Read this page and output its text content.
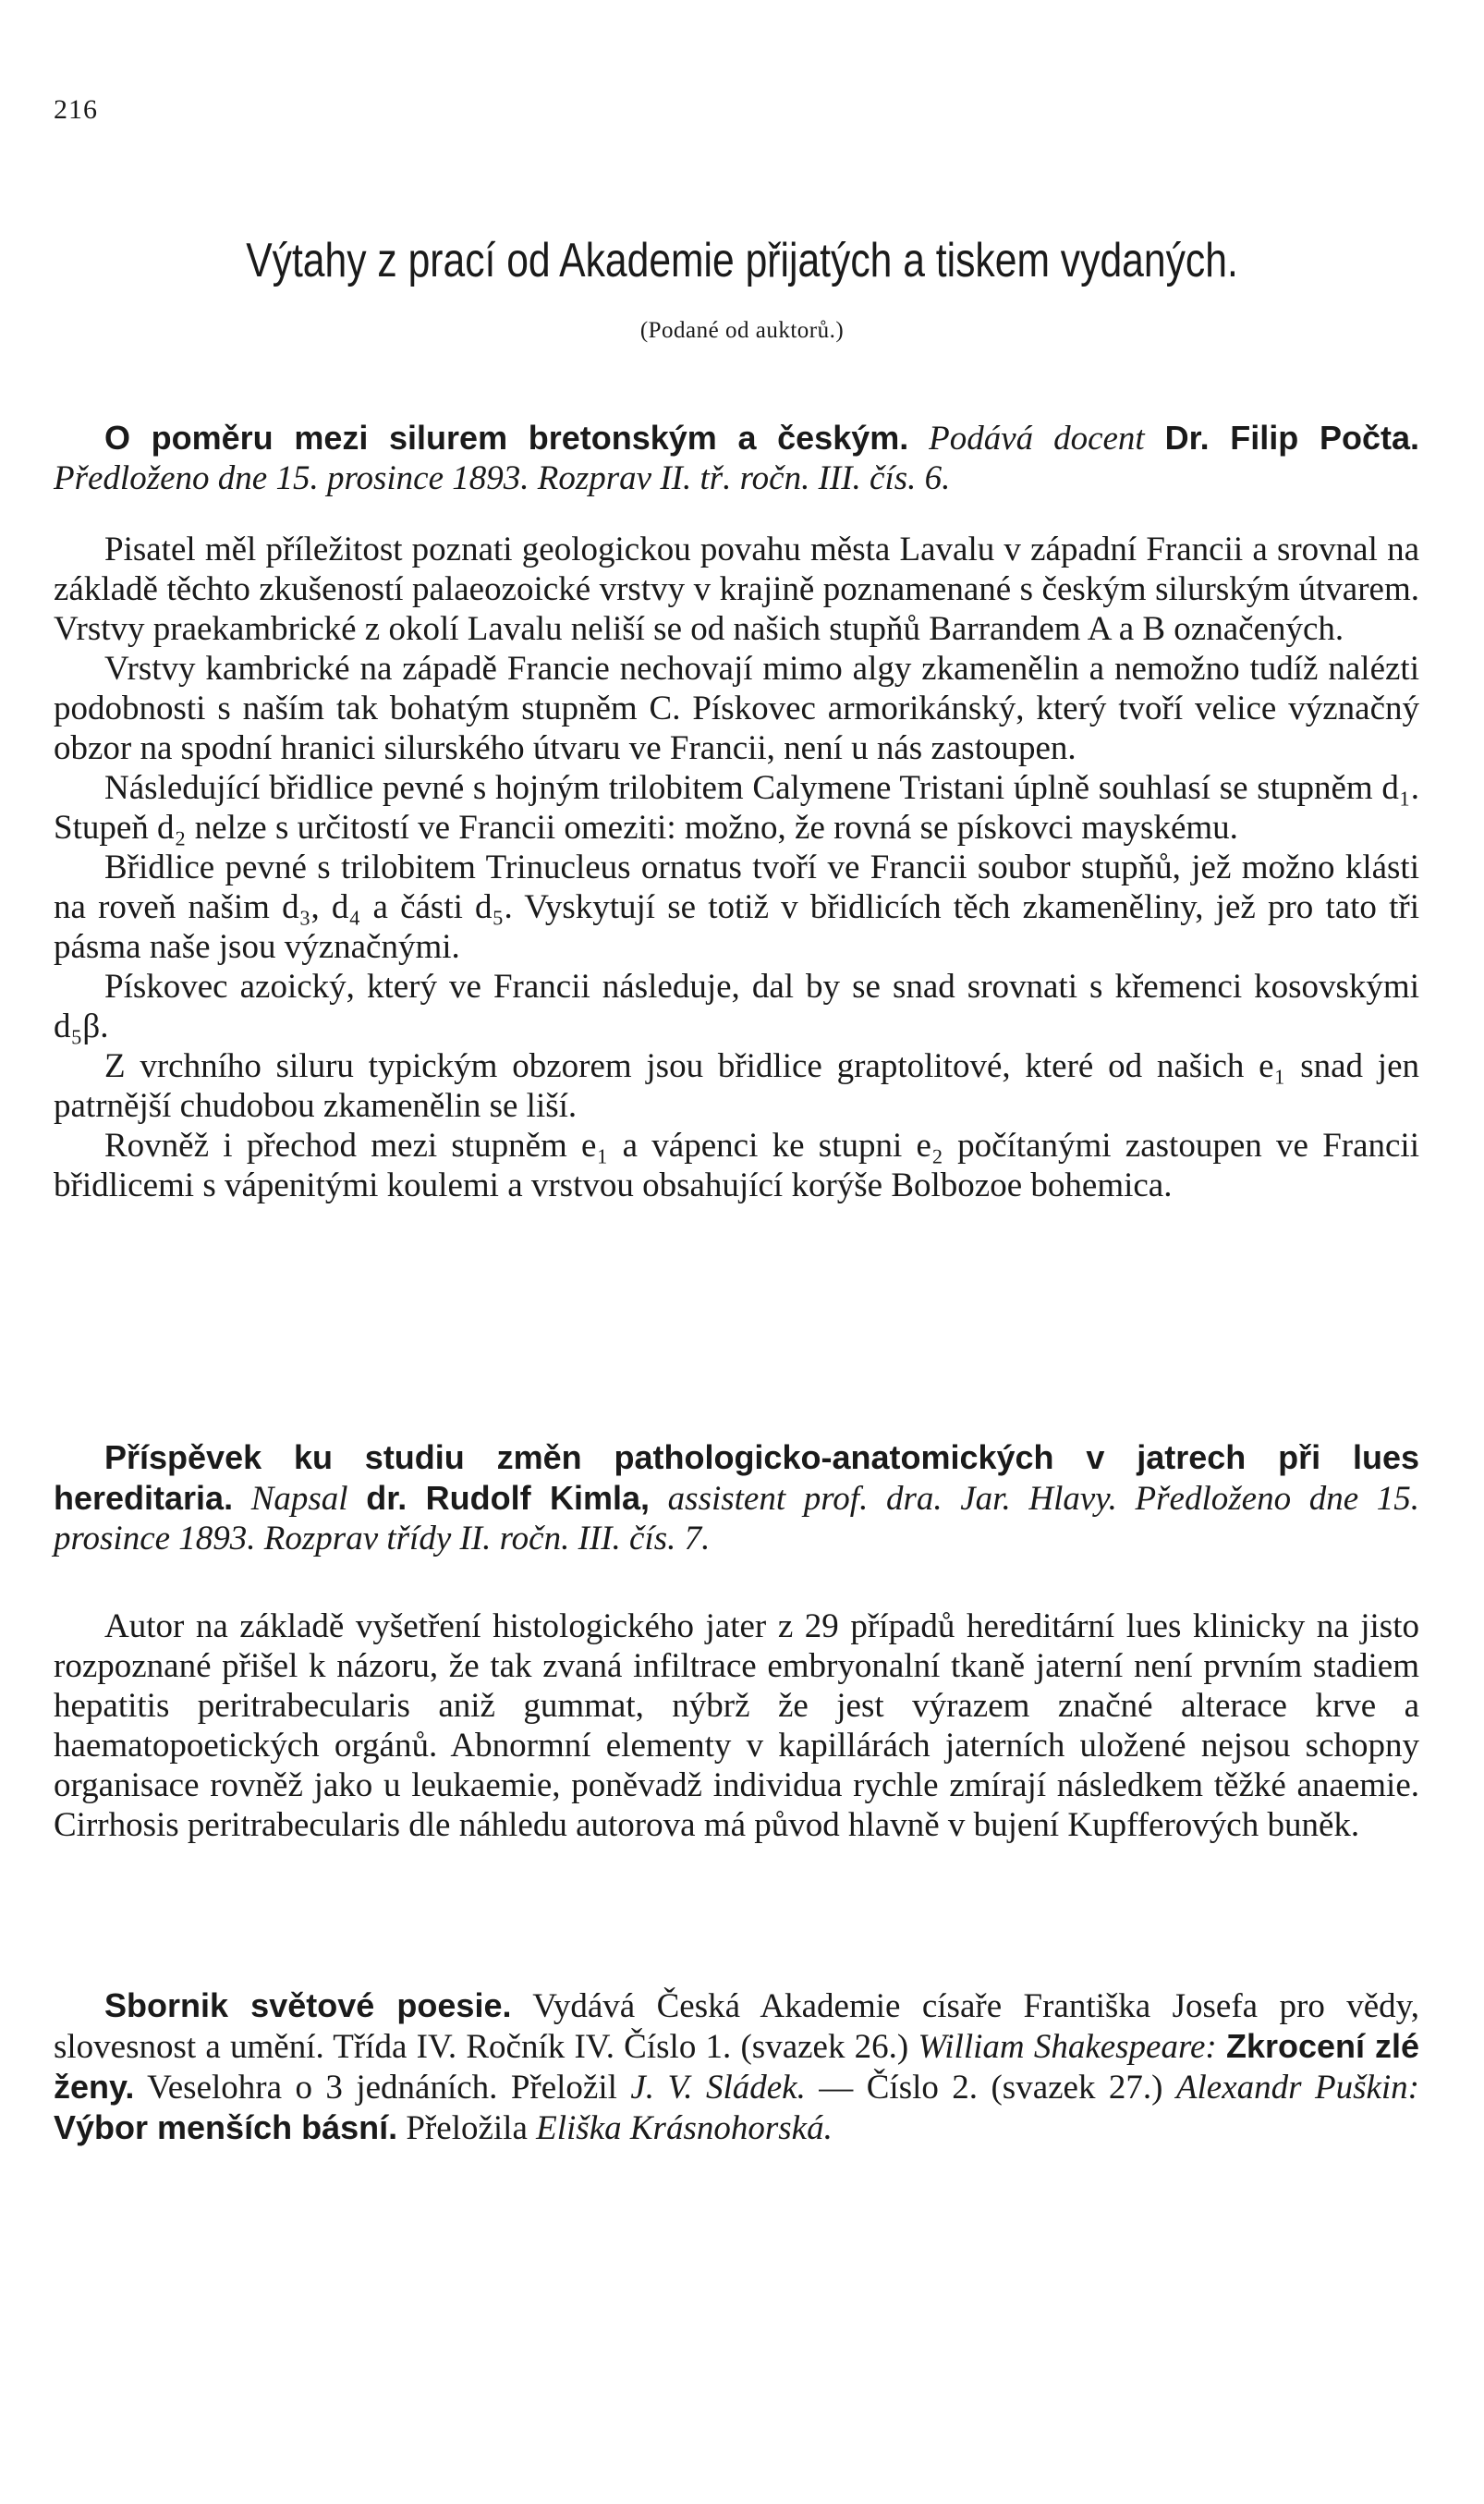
216
Výtahy z prací od Akademie přijatých a tiskem vydaných.
(Podané od auktorů.)

O poměru mezi silurem bretonským a českým. Podává docent Dr. Filip Počta. Předloženo dne 15. prosince 1893. Rozprav II. tř. ročn. III. čís. 6.

Pisatel měl příležitost poznati geologickou povahu města Lavalu v západní Francii a srovnal na základě těchto zkušeností palaeozoické vrstvy v krajině poznamenané s českým silurským útvarem. Vrstvy praekambrické z okolí Lavalu neliší se od našich stupňů Barrandem A a B označených.

Vrstvy kambrické na západě Francie nechovají mimo algy zkamenělin a nemožno tudíž nalézti podobnosti s naším tak bohatým stupněm C. Pískovec armorikánský, který tvoří velice význačný obzor na spodní hranici silurského útvaru ve Francii, není u nás zastoupen.

Následující břidlice pevné s hojným trilobitem Calymene Tristani úplně souhlasí se stupněm d₁. Stupeň d₂ nelze s určitostí ve Francii omeziti: možno, že rovná se pískovci mayskému.

Břidlice pevné s trilobitem Trinucleus ornatus tvoří ve Francii soubor stupňů, jež možno klásti na roveň našim d₃, d₄ a části d₅. Vyskytují se totiž v břidlicích těch zkameněliny, jež pro tato tři pásma naše jsou význačnými.

Pískovec azoický, který ve Francii následuje, dal by se snad srovnati s křemenci kosovskými d₅β.

Z vrchního siluru typickým obzorem jsou břidlice graptolitové, které od našich e₁ snad jen patrnější chudobou zkamenělin se liší.

Rovněž i přechod mezi stupněm e₁ a vápenci ke stupni e₂ počítanými zastoupen ve Francii břidlicemi s vápenitými koulemi a vrstvou obsahující korýše Bolbozoe bohemica.

Příspěvek ku studiu změn pathologicko-anatomických v jatrech při lues hereditaria. Napsal dr. Rudolf Kimla, assistent prof. dra. Jar. Hlavy. Předloženo dne 15. prosince 1893. Rozprav třídy II. ročn. III. čís. 7.

Autor na základě vyšetření histologického jater z 29 případů hereditární lues klinicky na jisto rozpoznané přišel k názoru, že tak zvaná infiltrace embryonalní tkaně jaterní není prvním stadiem hepatitis peritrabecularis aniž gummat, nýbrž že jest výrazem značné alterace krve a haematopoetických orgánů. Abnormní elementy v kapillárách jaterních uložené nejsou schopny organisace rovněž jako u leukaemie, poněvadž individua rychle zmírají následkem těžké anaemie. Cirrhosis peritrabecularis dle náhledu autorova má původ hlavně v bujení Kupfferových buněk.

Sbornik světové poesie. Vydává Česká Akademie císaře Františka Josefa pro vědy, slovesnost a umění. Třída IV. Ročník IV. Číslo 1. (svazek 26.) William Shakespeare: Zkrocení zlé ženy. Veselohra o 3 jednáních. Přeložil J. V. Sládek. — Číslo 2. (svazek 27.) Alexandr Puškin: Výbor menších básní. Přeložila Eliška Krásnohorská.
